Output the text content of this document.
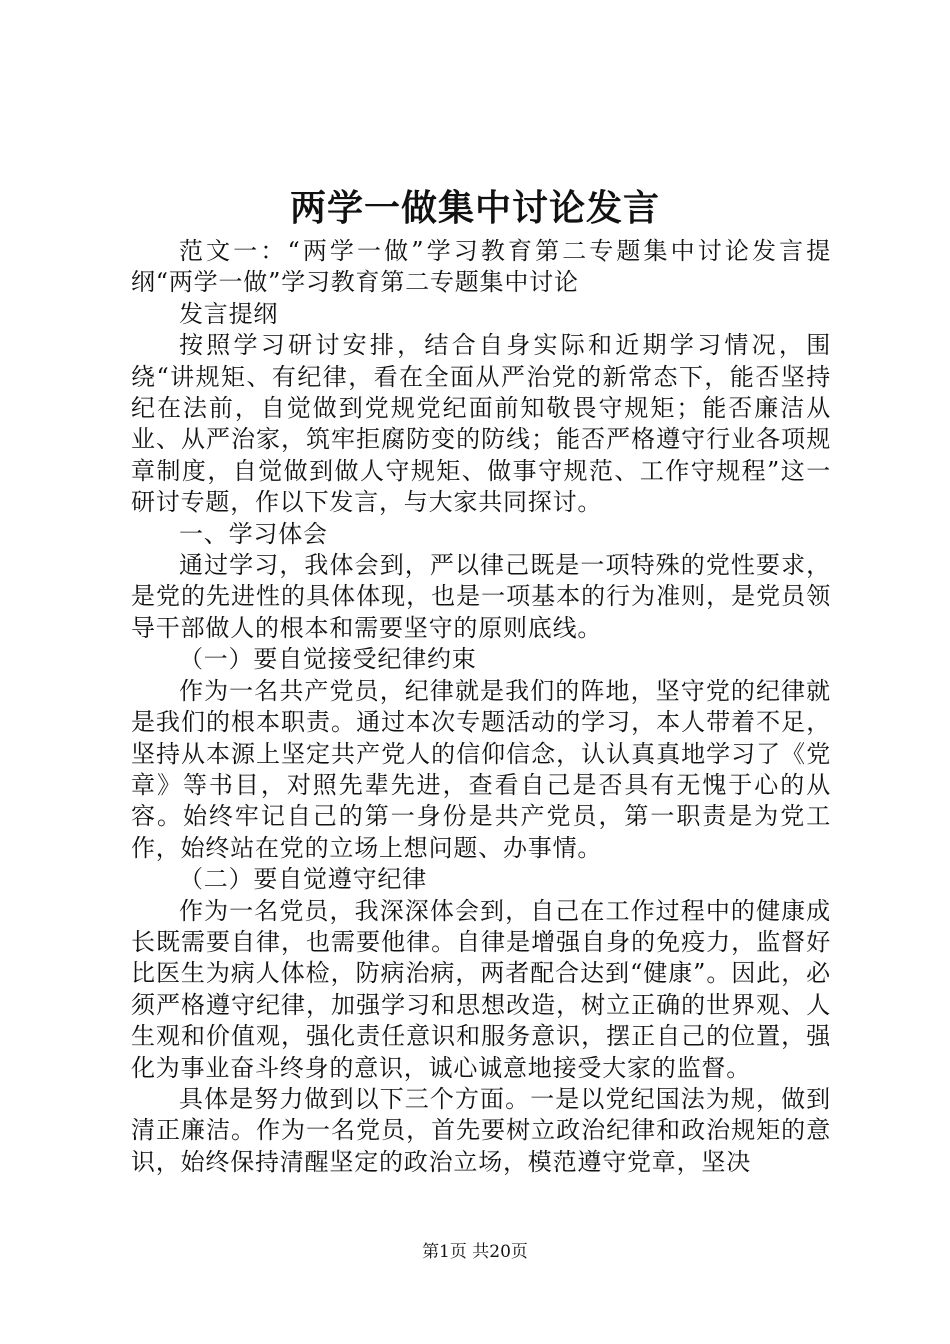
两学一做集中讨论发言

范文一：“两学一做”学习教育第二专题集中讨论发言提纲“两学一做”学习教育第二专题集中讨论

发言提纲

按照学习研讨安排，结合自身实际和近期学习情况，围绕“讲规矩、有纪律，看在全面从严治党的新常态下，能否坚持纪在法前，自觉做到党规党纪面前知敬畏守规矩；能否廉洁从业、从严治家，筑牢拒腐防变的防线；能否严格遵守行业各项规章制度，自觉做到做人守规矩、做事守规范、工作守规程”这一研讨专题，作以下发言，与大家共同探讨。

一、学习体会

通过学习，我体会到，严以律己既是一项特殊的党性要求，是党的先进性的具体体现，也是一项基本的行为准则，是党员领导干部做人的根本和需要坚守的原则底线。

（一）要自觉接受纪律约束

作为一名共产党员，纪律就是我们的阵地，坚守党的纪律就是我们的根本职责。通过本次专题活动的学习，本人带着不足，坚持从本源上坚定共产党人的信仰信念，认认真真地学习了《党章》等书目，对照先辈先进，查看自己是否具有无愧于心的从容。始终牢记自己的第一身份是共产党员，第一职责是为党工作，始终站在党的立场上想问题、办事情。

（二）要自觉遵守纪律

作为一名党员，我深深体会到，自己在工作过程中的健康成长既需要自律，也需要他律。自律是增强自身的免疫力，监督好比医生为病人体检，防病治病，两者配合达到“健康”。因此，必须严格遵守纪律，加强学习和思想改造，树立正确的世界观、人生观和价值观，强化责任意识和服务意识，摆正自己的位置，强化为事业奋斗终身的意识，诚心诚意地接受大家的监督。

具体是努力做到以下三个方面。一是以党纪国法为规，做到清正廉洁。作为一名党员，首先要树立政治纪律和政治规矩的意识，始终保持清醒坚定的政治立场，模范遵守党章，坚决

第1页 共20页
